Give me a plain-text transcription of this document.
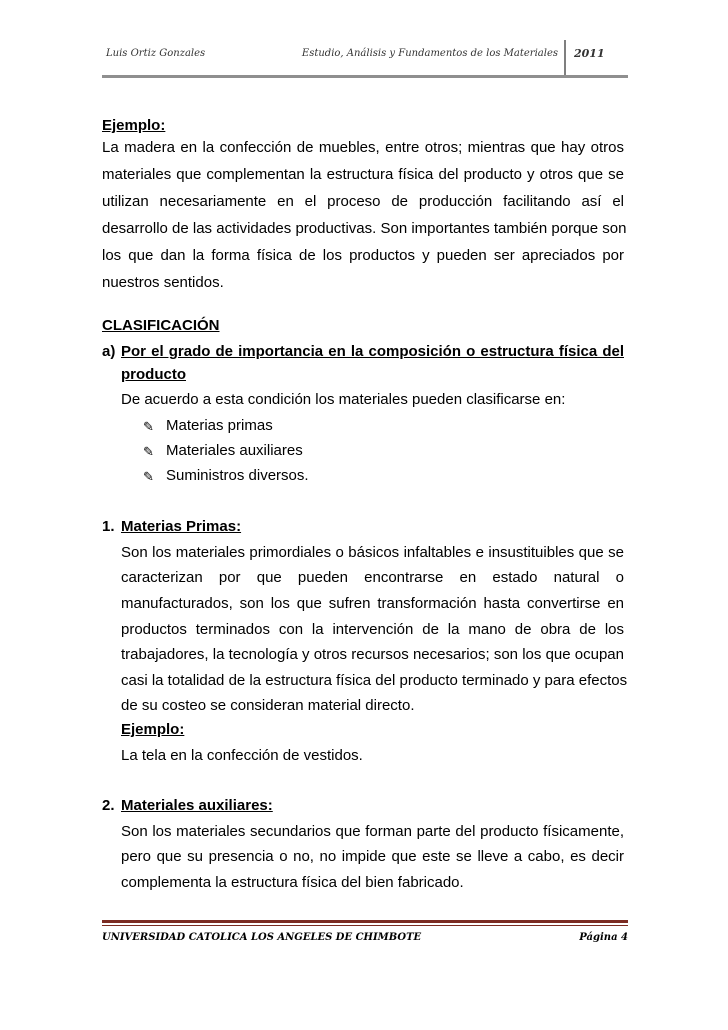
Luis Ortiz Gonzales	Estudio, Análisis y Fundamentos de los Materiales 2011
Ejemplo:
La madera en la confección de muebles, entre otros; mientras que hay otros
materiales que complementan la estructura física del producto y otros que se
utilizan necesariamente en el proceso de producción facilitando así el
desarrollo de las actividades productivas. Son importantes también porque son
los que dan la forma física de los productos y pueden ser apreciados por
nuestros sentidos.
CLASIFICACIÓN
a) Por el grado de importancia en la composición o estructura física del
producto
De acuerdo a esta condición los materiales pueden clasificarse en:
✎ Materias primas
✎ Materiales auxiliares
✎ Suministros diversos.
1. Materias Primas:
Son los materiales primordiales o básicos infaltables e insustituibles que se
caracterizan por que pueden encontrarse en estado natural o
manufacturados, son los que sufren transformación hasta convertirse en
productos terminados con la intervención de la mano de obra de los
trabajadores, la tecnología y otros recursos necesarios; son los que ocupan
casi la totalidad de la estructura física del producto terminado y para efectos
de su costeo se consideran material directo.
Ejemplo:
La tela en la confección de vestidos.
2. Materiales auxiliares:
Son los materiales secundarios que forman parte del producto físicamente,
pero que su presencia o no, no impide que este se lleve a cabo, es decir
complementa la estructura física del bien fabricado.
UNIVERSIDAD CATOLICA LOS ANGELES DE CHIMBOTE	Página 4
